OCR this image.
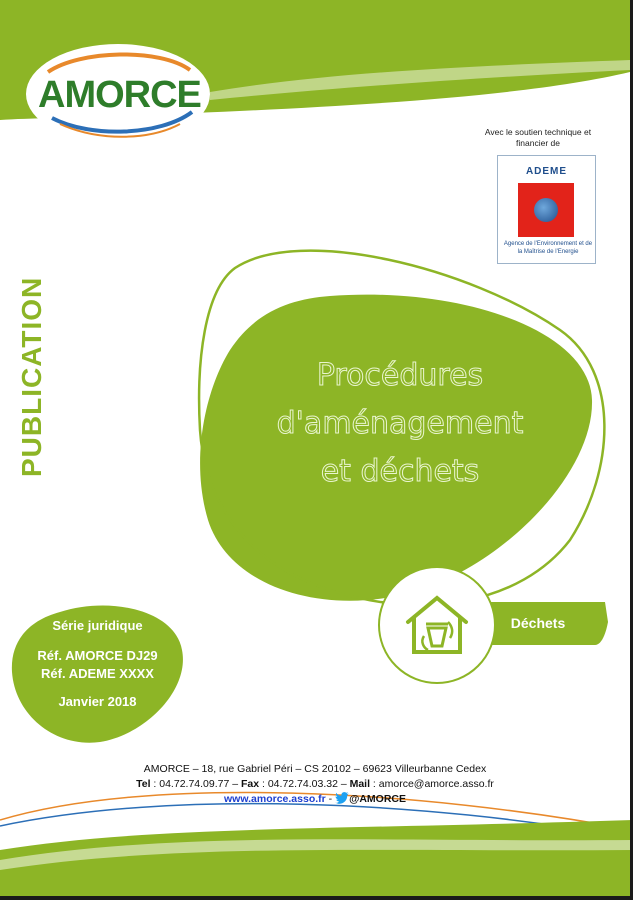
AMORCE
Avec le soutien technique et financier de
ADEME
Agence de l'Environnement et de la Maîtrise de l'Energie
PUBLICATION	Procédures
d'aménagement
et déchets
Série juridique
Réf. AMORCE DJ29
Réf. ADEME XXXX
Janvier 2018
Déchets
AMORCE – 18, rue Gabriel Péri – CS 20102 – 69623 Villeurbanne Cedex
Tel : 04.72.74.09.77 – Fax : 04.72.74.03.32 – Mail : amorce@amorce.asso.fr
www.amorce.asso.fr - @AMORCE
